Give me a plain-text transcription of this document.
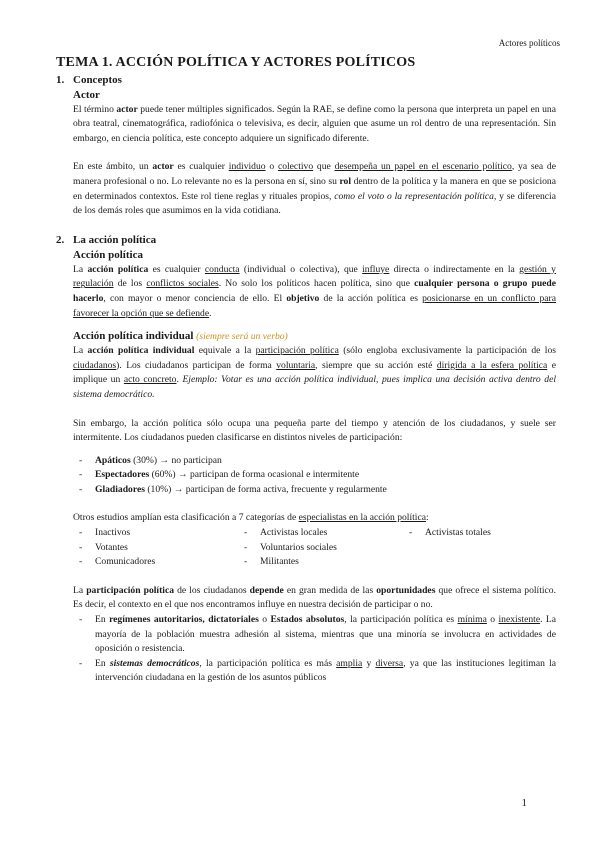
Actores políticos
TEMA 1. ACCIÓN POLÍTICA Y ACTORES POLÍTICOS
1. Conceptos
Actor

El término actor puede tener múltiples significados. Según la RAE, se define como la persona que interpreta un papel en una obra teatral, cinematográfica, radiofónica o televisiva, es decir, alguien que asume un rol dentro de una representación. Sin embargo, en ciencia política, este concepto adquiere un significado diferente.

En este ámbito, un actor es cualquier individuo o colectivo que desempeña un papel en el escenario político, ya sea de manera profesional o no. Lo relevante no es la persona en sí, sino su rol dentro de la política y la manera en que se posiciona en determinados contextos. Este rol tiene reglas y rituales propios, como el voto o la representación política, y se diferencia de los demás roles que asumimos en la vida cotidiana.

2. La acción política
Acción política

La acción política es cualquier conducta (individual o colectiva), que influye directa o indirectamente en la gestión y regulación de los conflictos sociales. No solo los políticos hacen política, sino que cualquier persona o grupo puede hacerlo, con mayor o menor conciencia de ello. El objetivo de la acción política es posicionarse en un conflicto para favorecer la opción que se defiende.

Acción política individual (siempre será un verbo)

La acción política individual equivale a la participación política (sólo engloba exclusivamente la participación de los ciudadanos). Los ciudadanos participan de forma voluntaria, siempre que su acción esté dirigida a la esfera política e implique un acto concreto. Ejemplo: Votar es una acción política individual, pues implica una decisión activa dentro del sistema democrático.

Sin embargo, la acción política sólo ocupa una pequeña parte del tiempo y atención de los ciudadanos, y suele ser intermitente. Los ciudadanos pueden clasificarse en distintos niveles de participación:

-	Apáticos (30%) → no participan
-	Espectadores (60%) → participan de forma ocasional e intermitente
-	Gladiadores (10%) → participan de forma activa, frecuente y regularmente

Otros estudios amplían esta clasificación a 7 categorías de especialistas en la acción política:

-	Inactivos	-	Activistas locales	-	Activistas totales
-	Votantes	-	Voluntarios sociales
-	Comunicadores	-	Militantes

La participación política de los ciudadanos depende en gran medida de las oportunidades que ofrece el sistema político. Es decir, el contexto en el que nos encontramos influye en nuestra decisión de participar o no.

-	En regímenes autoritarios, dictatoriales o Estados absolutos, la participación política es mínima o inexistente. La mayoría de la población muestra adhesión al sistema, mientras que una minoría se involucra en actividades de oposición o resistencia.

-	En sistemas democráticos, la participación política es más amplia y diversa, ya que las instituciones legitiman la intervención ciudadana en la gestión de los asuntos públicos

1
